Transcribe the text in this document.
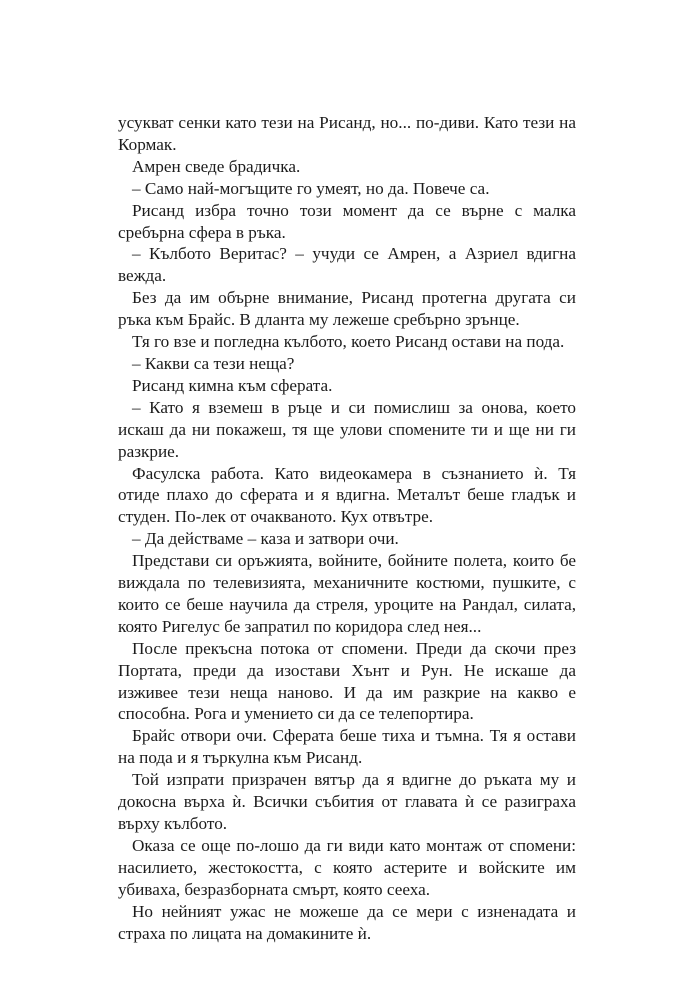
усукват сенки като тези на Рисанд, но... по-диви. Като тези на Кормак.

Амрен сведе брадичка.

– Само най-могъщите го умеят, но да. Повече са.

Рисанд избра точно този момент да се върне с малка сребърна сфера в ръка.

– Кълбото Веритас? – учуди се Амрен, а Азриел вдигна вежда.

Без да им обърне внимание, Рисанд протегна другата си ръка към Брайс. В дланта му лежеше сребърно зрънце.

Тя го взе и погледна кълбото, което Рисанд остави на пода.

– Какви са тези неща?

Рисанд кимна към сферата.

– Като я вземеш в ръце и си помислиш за онова, което искаш да ни покажеш, тя ще улови спомените ти и ще ни ги разкрие.

Фасулска работа. Като видеокамера в съзнанието ѝ. Тя отиде плахо до сферата и я вдигна. Металът беше гладък и студен. По-лек от очакваното. Кух отвътре.

– Да действаме – каза и затвори очи.

Представи си оръжията, войните, бойните полета, които бе виждала по телевизията, механичните костюми, пушките, с които се беше научила да стреля, уроците на Рандал, силата, която Ригелус бе запратил по коридора след нея...

После прекъсна потока от спомени. Преди да скочи през Портата, преди да изостави Хънт и Рун. Не искаше да изживее тези неща наново. И да им разкрие на какво е способна. Рога и умението си да се телепортира.

Брайс отвори очи. Сферата беше тиха и тъмна. Тя я остави на пода и я търкулна към Рисанд.

Той изпрати призрачен вятър да я вдигне до ръката му и докосна върха ѝ. Всички събития от главата ѝ се разиграха върху кълбото.

Оказа се още по-лошо да ги види като монтаж от спомени: насилието, жестокостта, с която астерите и войските им убиваха, безразборната смърт, която сееха.

Но нейният ужас не можеше да се мери с изненадата и страха по лицата на домакините ѝ.
